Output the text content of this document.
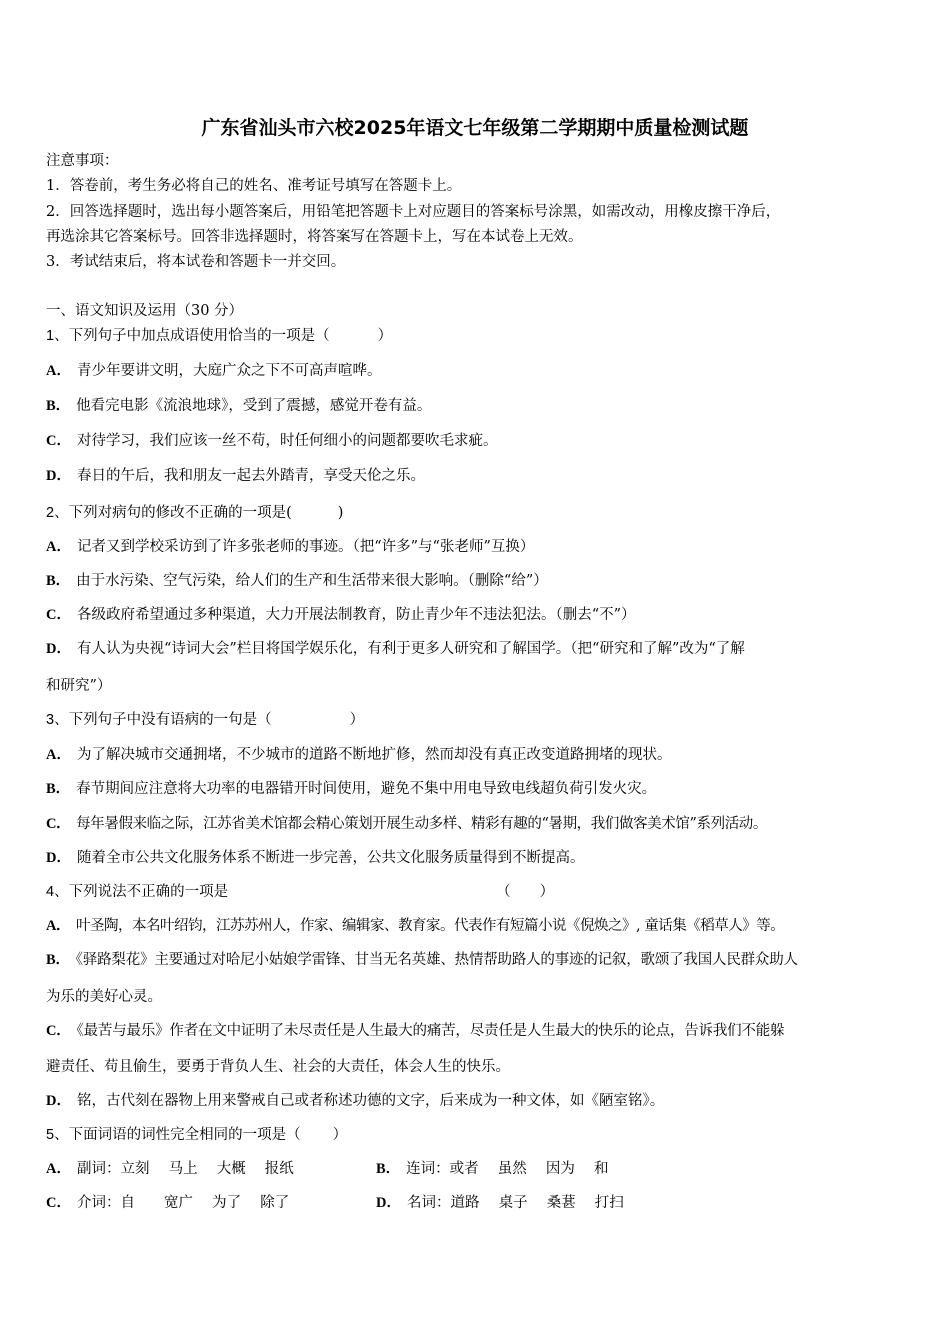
广东省汕头市六校2025年语文七年级第二学期期中质量检测试题
注意事项：
1．答卷前，考生务必将自己的姓名、准考证号填写在答题卡上。
2．回答选择题时，选出每小题答案后，用铅笔把答题卡上对应题目的答案标号涂黑，如需改动，用橡皮擦干净后，
再选涂其它答案标号。回答非选择题时，将答案写在答题卡上，写在本试卷上无效。
3．考试结束后，将本试卷和答题卡一并交回。
一、语文知识及运用（30 分）
1、下列句子中加点成语使用恰当的一项是（	）
A． 青少年要讲文明，大庭广众之下不可高声喧哗。
B． 他看完电影《流浪地球》，受到了震撼，感觉开卷有益。
C． 对待学习，我们应该一丝不苟，时任何细小的问题都要吹毛求疵。
D． 春日的午后，我和朋友一起去外踏青，享受天伦之乐。
2、下列对病句的修改不正确的一项是(	)
A． 记者又到学校采访到了许多张老师的事迹。（把“许多”与“张老师”互换）
B． 由于水污染、空气污染，给人们的生产和生活带来很大影响。（删除“给”）
C． 各级政府希望通过多种渠道，大力开展法制教育，防止青少年不违法犯法。（删去“不”）
D． 有人认为央视“诗词大会”栏目将国学娱乐化，有利于更多人研究和了解国学。（把“研究和了解”改为“了解
和研究”）
3、下列句子中没有语病的一句是（	）
A． 为了解决城市交通拥堵，不少城市的道路不断地扩修，然而却没有真正改变道路拥堵的现状。
B． 春节期间应注意将大功率的电器错开时间使用，避免不集中用电导致电线超负荷引发火灾。
C． 每年暑假来临之际，江苏省美术馆都会精心策划开展生动多样、精彩有趣的“暑期，我们做客美术馆”系列活动。
D． 随着全市公共文化服务体系不断进一步完善，公共文化服务质量得到不断提高。
4、下列说法不正确的一项是	（　　）
A． 叶圣陶，本名叶绍钧，江苏苏州人，作家、编辑家、教育家。代表作有短篇小说《倪焕之》, 童话集《稻草人》等。
B． 《驿路梨花》主要通过对哈尼小姑娘学雷锋、甘当无名英雄、热情帮助路人的事迹的记叙，歌颂了我国人民群众助人
为乐的美好心灵。
C． 《最苦与最乐》作者在文中证明了未尽责任是人生最大的痛苦，尽责任是人生最大的快乐的论点，告诉我们不能躲
避责任、苟且偷生，要勇于背负人生、社会的大责任，体会人生的快乐。
D． 铭，古代刻在器物上用来警戒自己或者称述功德的文字，后来成为一种文体，如《陋室铭》。
5、下面词语的词性完全相同的一项是（ ）
A． 副词：立刻　 马上　 大概　 报纸	B． 连词：或者　 虽然　 因为　 和
C． 介词：自　　宽广　 为了　 除了	D． 名词：道路　 桌子　 桑葚　 打扫
